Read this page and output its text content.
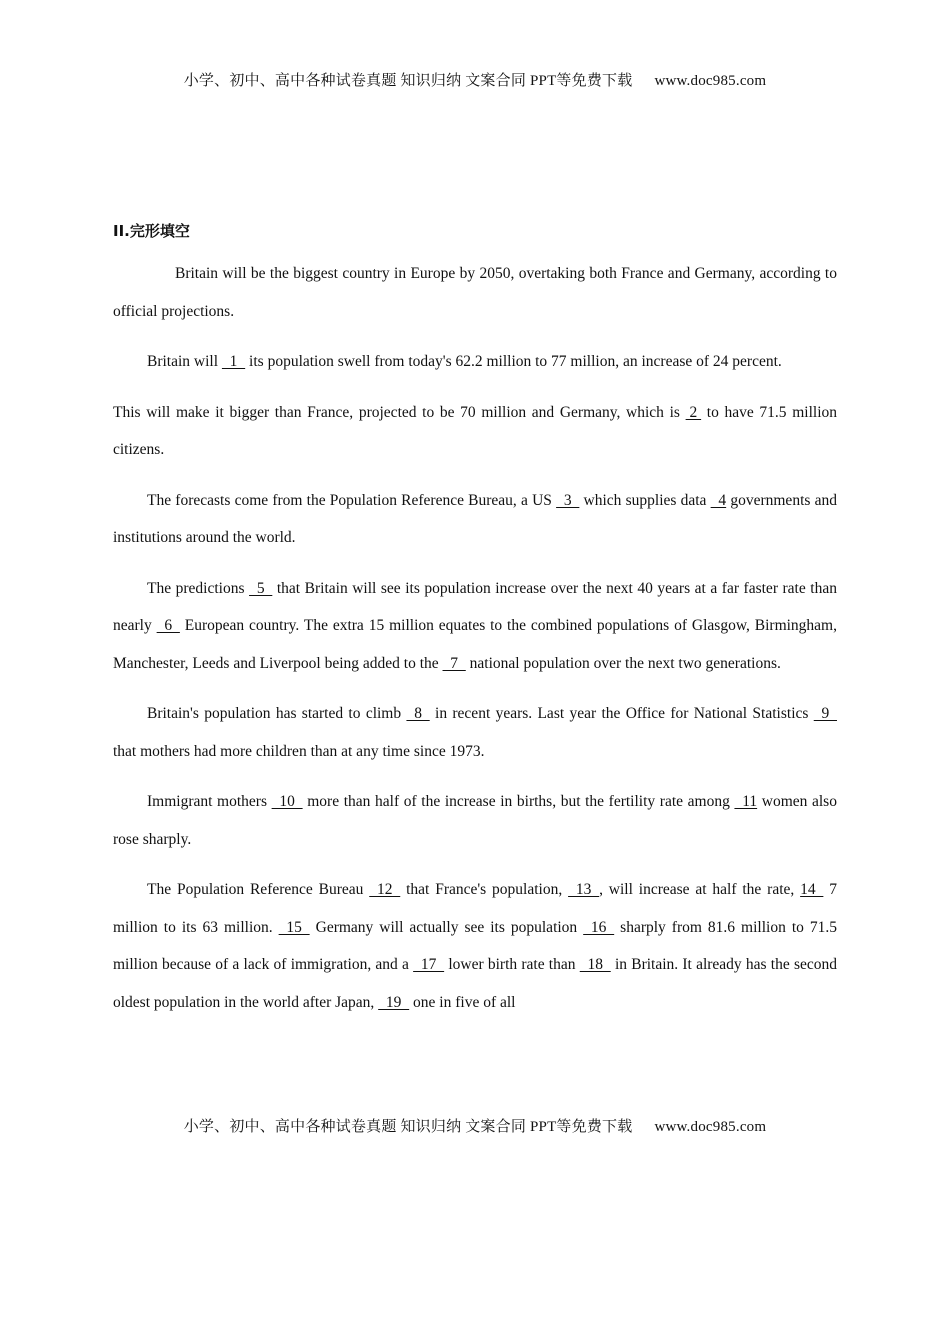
小学、初中、高中各种试卷真题 知识归纳 文案合同 PPT等免费下载 www.doc985.com
II.完形填空

Britain will be the biggest country in Europe by 2050, overtaking both France and Germany, according to official projections.

Britain will   1   its population swell from today's 62.2 million to 77 million, an increase of 24 percent.

This will make it bigger than France, projected to be 70 million and Germany, which is  2  to have 71.5 million citizens.

The forecasts come from the Population Reference Bureau, a US   3   which supplies data   4 governments and institutions around the world.

The predictions   5   that Britain will see its population increase over the next 40 years at a far faster rate than nearly   6   European country. The extra 15 million equates to the combined populations of Glasgow, Birmingham, Manchester, Leeds and Liverpool being added to the   7   national population over the next two generations.

Britain's population has started to climb   8   in recent years. Last year the Office for National Statistics   9   that mothers had more children than at any time since 1973.

Immigrant mothers   10   more than half of the increase in births, but the fertility rate among   11 women also rose sharply.

The Population Reference Bureau   12   that France's population,   13  , will increase at half the rate, 14   7 million to its 63 million.   15   Germany will actually see its population   16   sharply from 81.6 million to 71.5 million because of a lack of immigration, and a   17   lower birth rate than   18   in Britain. It already has the second oldest population in the world after Japan,   19   one in five of all

小学、初中、高中各种试卷真题 知识归纳 文案合同 PPT等免费下载 www.doc985.com
